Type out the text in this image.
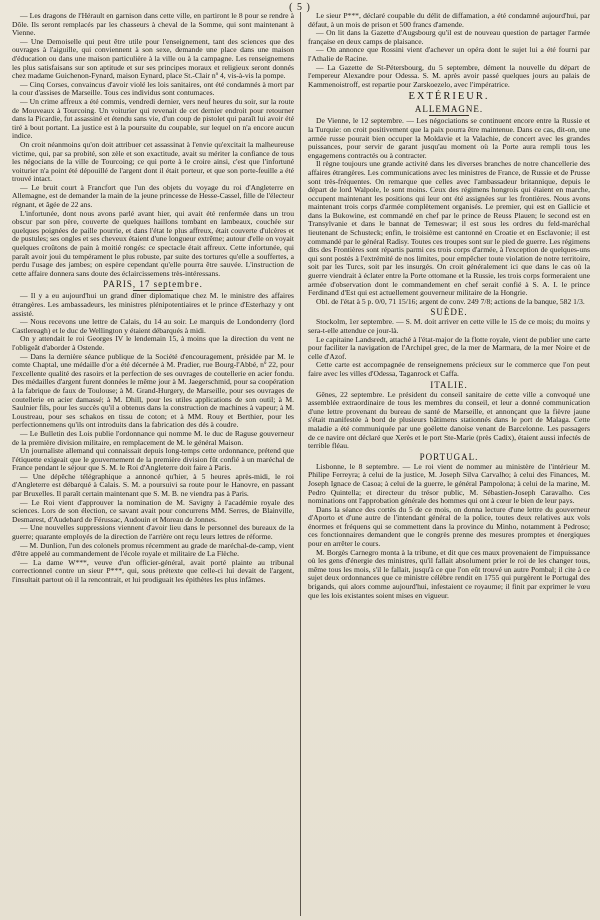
( 5 )

— Les dragons de l'Hérault en garnison dans cette ville, en partiront le 8 pour se rendre à Dôle. Ils seront remplacés par les chasseurs à cheval de la Somme, qui sont maintenant à Vienne.

— Une Demoiselle qui peut être utile pour l'enseignement, tant des sciences que des ouvrages à l'aiguille, qui conviennent à son sexe, demande une place dans une maison d'éducation ou dans une maison particulière à la ville ou à la campagne. Les renseignemens les plus satisfaisans sur son aptitude et sur ses principes moraux et religieux seront donnés chez madame Guichenon-Fynard, maison Eynard, place St.-Clair nº 4, vis-à-vis la pompe.

— Cinq Corses, convaincus d'avoir violé les lois sanitaires, ont été condamnés à mort par la cour d'assises de Marseille. Tous ces individus sont contumaces.

— Un crime affreux a été commis, vendredi dernier, vers neuf heures du soir, sur la route de Mouveaux à Tourcoing. Un voiturier qui revenait de cet dernier endroit pour retourner dans la Picardie, fut assassiné et étendu sans vie, d'un coup de pistolet qui paraît lui avoir été tiré à bout portant. La justice est à la poursuite du coupable, sur lequel on n'a encore aucun indice.

On croit néanmoins qu'on doit attribuer cet assassinat à l'envie qu'excitait la malheureuse victime, qui, par sa probité, son zèle et son exactitude, avait su mériter la confiance de tous les négocians de la ville de Tourcoing; ce qui porte à le croire ainsi, c'est que l'infortuné voiturier n'a point été dépouillé de l'argent dont il était porteur, et que son porte-feuille a été trouvé intact.

— Le bruit court à Francfort que l'un des objets du voyage du roi d'Angleterre en Allemagne, est de demander la main de la jeune princesse de Hesse-Cassel, fille de l'électeur régnant, et âgée de 22 ans.

L'infortunée, dont nous avons parlé avant hier, qui avait été renfermée dans un trou obscur par son père, couverte de quelques haillons tombant en lambeaux, couchée sur quelques poignées de paille pourrie, et dans l'état le plus affreux, était couverte d'ulcères et de pustules; ses ongles et ses cheveux étaient d'une longueur extrême; autour d'elle on voyait quelques croûtons de pain à moitié rongés: ce spectacle était affreux. Cette infortunée, qui paraît avoir joui du tempérament le plus robuste, par suite des tortures qu'elle a souffertes, a perdu l'usage des jambes; on espère cependant qu'elle pourra être sauvée. L'instruction de cette affaire donnera sans doute des éclaircissemens très-intéressans.

PARIS, 17 septembre.

— Il y a eu aujourd'hui un grand dîner diplomatique chez M. le ministre des affaires étrangères. Les ambassadeurs, les ministres plénipotentiaires et le prince d'Esterhazy y ont assisté.

— Nous recevons une lettre de Calais, du 14 au soir. Le marquis de Londonderry (lord Castlereagh) et le duc de Wellington y étaient débarqués à midi.

On y attendait le roi Georges IV le lendemain 15, à moins que la direction du vent ne l'obligeât d'aborder à Ostende.

— Dans la dernière séance publique de la Société d'encouragement, présidée par M. le comte Chaptal, une médaille d'or a été décernée à M. Pradier, rue Bourg-l'Abbé, nº 22, pour l'excellente qualité des rasoirs et la perfection de ses ouvrages de coutellerie en acier fondu. Des médailles d'argent furent données le même jour à M. Jaegerschmid, pour sa coopération à la fabrique de faux de Toulouse; à M. Grand-Hurgery, de Marseille, pour ses ouvrages de coutellerie en acier damassé; à M. Dhill, pour les utiles applications de son outil; à M. Saulnier fils, pour les succès qu'il a obtenus dans la construction de machines à vapeur; à M. Loustreau, pour ses schakos en tissu de coton; et à MM. Rouy et Berthier, pour les perfectionnemens qu'ils ont introduits dans la fabrication des dés à coudre.

— Le Bulletin des Lois publie l'ordonnance qui nomme M. le duc de Raguse gouverneur de la première division militaire, en remplacement de M. le général Maison.

Un journaliste allemand qui connaissait depuis long-temps cette ordonnance, prétend que l'étiquette exigeait que le gouvernement de la première division fût confié à un maréchal de France pendant le séjour que S. M. le Roi d'Angleterre doit faire à Paris.

— Une dépêche télégraphique a annoncé qu'hier, à 5 heures après-midi, le roi d'Angleterre est débarqué à Calais. S. M. a poursuivi sa route pour le Hanovre, en passant par Bruxelles. Il paraît certain maintenant que S. M. B. ne viendra pas à Paris.

— Le Roi vient d'approuver la nomination de M. Savigny à l'académie royale des sciences. Lors de son élection, ce savant avait pour concurrens MM. Serres, de Blainville, Desmarest, d'Audebard de Férussac, Audouin et Moreau de Jonnes.

— Une nouvelles suppressions viennent d'avoir lieu dans le personnel des bureaux de la guerre; quarante employés de la direction de l'arrière ont reçu leurs lettres de réforme.

— M. Dunlion, l'un des colonels promus récemment au grade de maréchal-de-camp, vient d'être appelé au commandement de l'école royale et militaire de La Flèche.

— La dame W***, veuve d'un officier-général, avait porté plainte au tribunal correctionnel contre un sieur P***, qui, sous prétexte que celle-ci lui devait de l'argent, l'insultait partout où il la rencontrait, et lui prodiguait les épithètes les plus infâmes.

Le sieur P***, déclaré coupable du délit de diffamation, a été condamné aujourd'hui, par défaut, à un mois de prison et 500 francs d'amende.

— On lit dans la Gazette d'Augsbourg qu'il est de nouveau question de partager l'armée française en deux camps de plaisance.

— On annonce que Rossini vient d'achever un opéra dont le sujet lui a été fourni par l'Athalie de Racine.

— La Gazette de St-Pétersbourg, du 5 septembre, dément la nouvelle du départ de l'empereur Alexandre pour Odessa. S. M. après avoir passé quelques jours au palais de Kammenoistroff, est repartie pour Zarskoezelo, avec l'impératrice.

EXTÉRIEUR.
ALLEMAGNE.

De Vienne, le 12 septembre. — Les négociations se continuent encore entre la Russie et la Turquie: on croit positivement que la paix pourra être maintenue. Dans ce cas, dit-on, une armée russe pourait bien occuper la Moldavie et la Valachie, de concert avec les grandes puissances, pour servir de garant jusqu'au moment où la Porte aura rempli tous les engagemens contractés ou à contracter.

Il règne toujours une grande activité dans les diverses branches de notre chancellerie des affaires étrangères. Les communications avec les ministres de France, de Russie et de Prusse sont très-fréquentes. On remarque que celles avec l'ambassadeur britannique, depuis le départ de lord Walpole, le sont moins. Ceux des régimens hongrois qui étaient en marche, occupent maintenant les positions qui leur ont été assignées sur les frontières. Nous avons maintenant trois corps d'armée complètement organisés. Le premier, qui est en Gallicie et dans la Bukowine, est commandé en chef par le prince de Reuss Plauen; le second est en Transylvanie et dans le bannat de Temeswar; il est sous les ordres du feld-maréchal lieutenant de Schusteck; enfin, le troisième est cantonné en Croatie et en Esclavonie; il est commandé par le général Radisy. Toutes ces troupes sont sur le pied de guerre. Les régimens dits des Frontières sont répartis parmi ces trois corps d'armée, à l'exception de quelques-uns qui sont postés à l'extrémité de nos limites, pour empêcher toute violation de notre territoire, soit par les Turcs, soit par les insurgés. On croit généralement ici que dans le cas où la guerre viendrait à éclater entre la Porte ottomane et la Russie, les trois corps formeraient une armée d'observation dont le commandement en chef serait confié à S. A. I. le prince Ferdinand d'Est qui est actuellement gouverneur militaire de la Hongrie.

Obl. de l'état à 5 p. 0/0, 71 15/16; argent de conv. 249 7/8; actions de la banque, 582 1/3.

SUÈDE.

Stockolm, 1er septembre. — S. M. doit arriver en cette ville le 15 de ce mois; du moins y sera-t-elle attendue ce jour-là.

Le capitaine Landsredt, attaché à l'état-major de la flotte royale, vient de publier une carte pour faciliter la navigation de l'Archipel grec, de la mer de Marmara, de la mer Noire et de celle d'Azof.

Cette carte est accompagnée de renseignemens précieux sur le commerce que l'on peut faire avec les villes d'Odessa, Taganrock et Caffa.

ITALIE.

Gênes, 22 septembre. Le président du conseil sanitaire de cette ville a convoqué une assemblée extraordinaire de tous les membres du conseil, et leur a donné communication d'une lettre provenant du bureau de santé de Marseille, et annonçant que la fièvre jaune s'était manifestée à bord de plusieurs bâtimens stationnés dans le port de Malaga. Cette maladie a été communiquée par une goëlette danoise venant de Barcelonne. Les passagers de ce navire ont déclaré que Xerès et le port Ste-Marie (près Cadix), étaient aussi infectés de terrible fléau.

PORTUGAL.

Lisbonne, le 8 septembre. — Le roi vient de nommer au ministère de l'intérieur M. Philipe Ferreyra; à celui de la justice, M. Joseph Silva Carvalho; à celui des Finances, M. Joseph Ignace de Casoa; à celui de la guerre, le général Pampolona; à celui de la marine, M. Pedro Quintella; et directeur du trésor public, M. Sébastien-Joseph Caravalho. Ces nominations ont l'approbation générale des hommes qui ont à cœur le bien de leur pays.

Dans la séance des cortès du 5 de ce mois, on donna lecture d'une lettre du gouverneur d'Aporto et d'une autre de l'intendant général de la police, toutes deux relatives aux vols énormes et fréquens qui se commettent dans la province du Minho, notamment à Pedroso; ces fonctionnaires demandent que le congrès prenne des mesures promptes et énergiques pour en arrêter le cours.

M. Borgès Carnegro monta à la tribune, et dit que ces maux provenaient de l'impuissance où les gens d'énergie des ministres, qu'il fallait absolument prier le roi de les changer tous, même tous les mois, s'il le fallait, jusqu'à ce que l'on eût trouvé un autre Pombal; il cite à ce sujet deux ordonnances que ce ministre célèbre rendit en 1755 qui purgèrent le Portugal des brigands, qui alors comme aujourd'hui, infestaient ce royaume; il finit par exprimer le vœu que les lois existantes soient mises en vigueur.
